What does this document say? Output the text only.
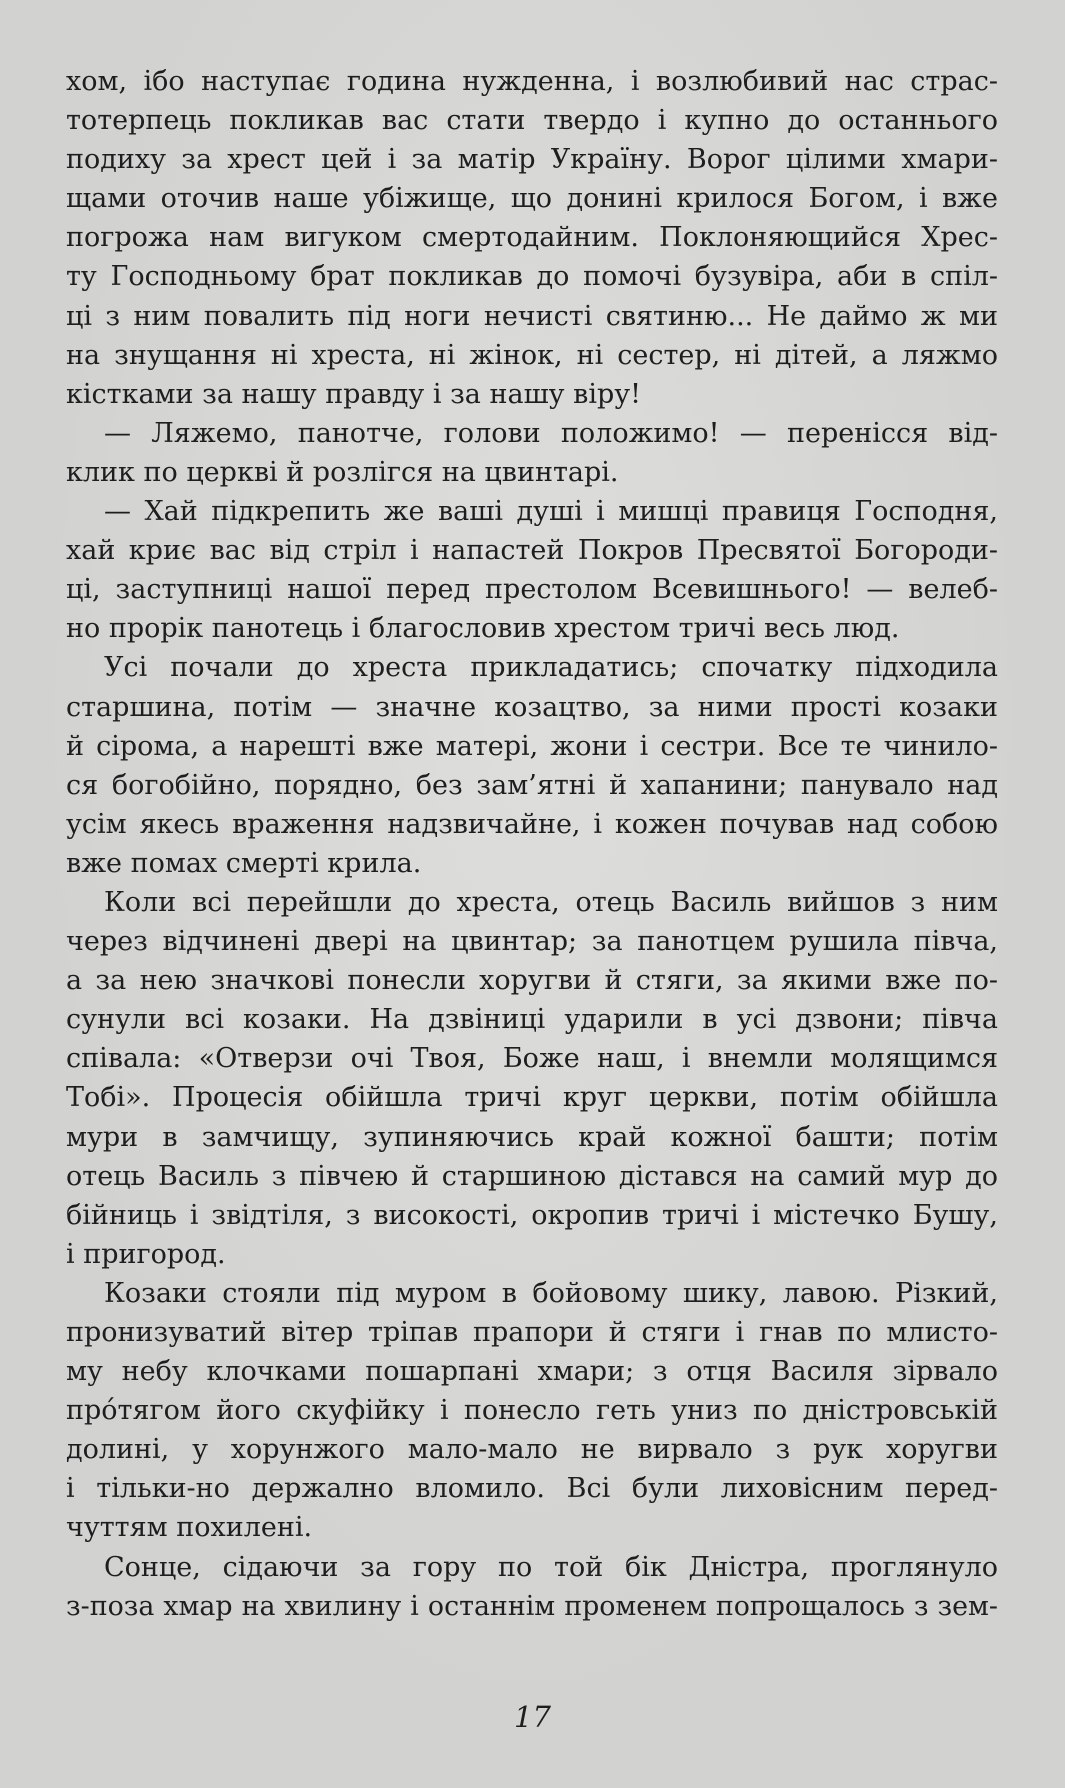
хом, ібо наступає година нужденна, і возлюбивий нас страс-
тотерпець покликав вас стати твердо і купно до останнього
подиху за хрест цей і за матір Україну. Ворог цілими хмари-
щами оточив наше убіжище, що донині крилося Богом, і вже
погрожа нам вигуком смертодайним. Поклоняющийся Хрес-
ту Господньому брат покликав до помочі бузувіра, аби в спіл-
ці з ним повалить під ноги нечисті святиню... Не даймо ж ми
на знущання ні хреста, ні жінок, ні сестер, ні дітей, а ляжмо
кістками за нашу правду і за нашу віру!
— Ляжемо, панотче, голови положимо! — перенісся від-
клик по церкві й розлігся на цвинтарі.
— Хай підкрепить же ваші душі і мишці правиця Господня,
хай криє вас від стріл і напастей Покров Пресвятої Богороди-
ці, заступниці нашої перед престолом Всевишнього! — велеб-
но прорік панотець і благословив хрестом тричі весь люд.
Усі почали до хреста прикладатись; спочатку підходила
старшина, потім — значне козацтво, за ними прості козаки
й сірома, а нарешті вже матері, жони і сестри. Все те чинило-
ся богобійно, порядно, без зам’ятні й хапанини; панувало над
усім якесь враження надзвичайне, і кожен почував над собою
вже помах смерті крила.
Коли всі перейшли до хреста, отець Василь вийшов з ним
через відчинені двері на цвинтар; за панотцем рушила півча,
а за нею значкові понесли хоругви й стяги, за якими вже по-
сунули всі козаки. На дзвіниці ударили в усі дзвони; півча
співала: «Отверзи очі Твоя, Боже наш, і внемли молящимся
Тобі». Процесія обійшла тричі круг церкви, потім обійшла
мури в замчищу, зупиняючись край кожної башти; потім
отець Василь з півчею й старшиною дістався на самий мур до
бійниць і звідтіля, з високості, окропив тричі і містечко Бушу,
і пригород.
Козаки стояли під муром в бойовому шику, лавою. Різкий,
пронизуватий вітер тріпав прапори й стяги і гнав по млисто-
му небу клочками пошарпані хмари; з отця Василя зірвало
прóтягом його скуфійку і понесло геть униз по дністровській
долині, у хорунжого мало-мало не вирвало з рук хоругви
і тільки-но держално вломило. Всі були лиховісним перед-
чуттям похилені.
Сонце, сідаючи за гору по той бік Дністра, проглянуло
з-поза хмар на хвилину і останнім променем попрощалось з зем-
17
